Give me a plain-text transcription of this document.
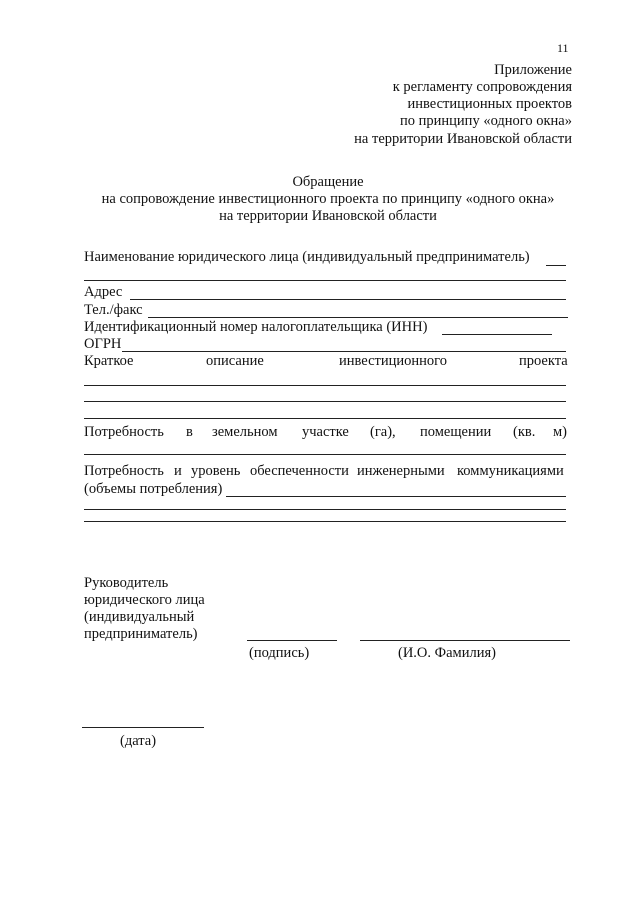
11
Приложение
к регламенту сопровождения
инвестиционных проектов
по принципу «одного окна»
на территории Ивановской области
Обращение
на сопровождение инвестиционного проекта по принципу «одного окна»
на территории Ивановской области
Наименование юридического лица (индивидуальный предприниматель)
Адрес
Тел./факс
Идентификационный номер налогоплательщика (ИНН)
ОГРН
Краткое	описание	инвестиционного	проекта
Потребность в земельном участке (га), помещении (кв. м)
Потребность и уровень обеспеченности инженерными коммуникациями
(объемы потребления)
Руководитель
юридического лица
(индивидуальный
предприниматель)
(подпись)	(И.О. Фамилия)
(дата)
